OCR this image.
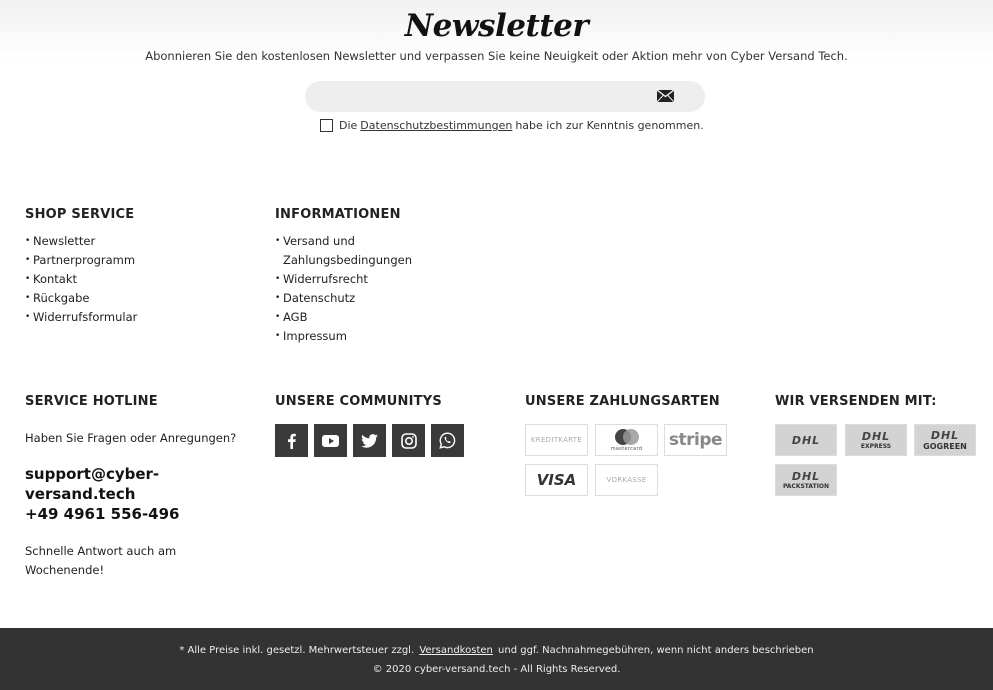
Newsletter

Abonnieren Sie den kostenlosen Newsletter und verpassen Sie keine Neuigkeit oder Aktion mehr von Cyber Versand Tech.

Die Datenschutzbestimmungen habe ich zur Kenntnis genommen.
SHOP SERVICE
• Newsletter
• Partnerprogramm
• Kontakt
• Rückgabe
• Widerrufsformular
INFORMATIONEN
• Versand und Zahlungsbedingungen
• Widerrufsrecht
• Datenschutz
• AGB
• Impressum
SERVICE HOTLINE

Haben Sie Fragen oder Anregungen?

support@cyber-versand.tech
+49 4961 556-496

Schnelle Antwort auch am Wochenende!

UNSERE COMMUNITYS	UNSERE ZAHLUNGSARTEN
KREDITKARTE
mastercard stripe
VISA	VORKASSE
WIR VERSENDEN MIT:
DHL	DHL
EXPRESS
DHL
GOGREEN
DHL
PACKSTATION

* Alle Preise inkl. gesetzl. Mehrwertsteuer zzgl. Versandkosten und ggf. Nachnahmegebühren, wenn nicht anders beschrieben

© 2020 cyber-versand.tech - All Rights Reserved.
